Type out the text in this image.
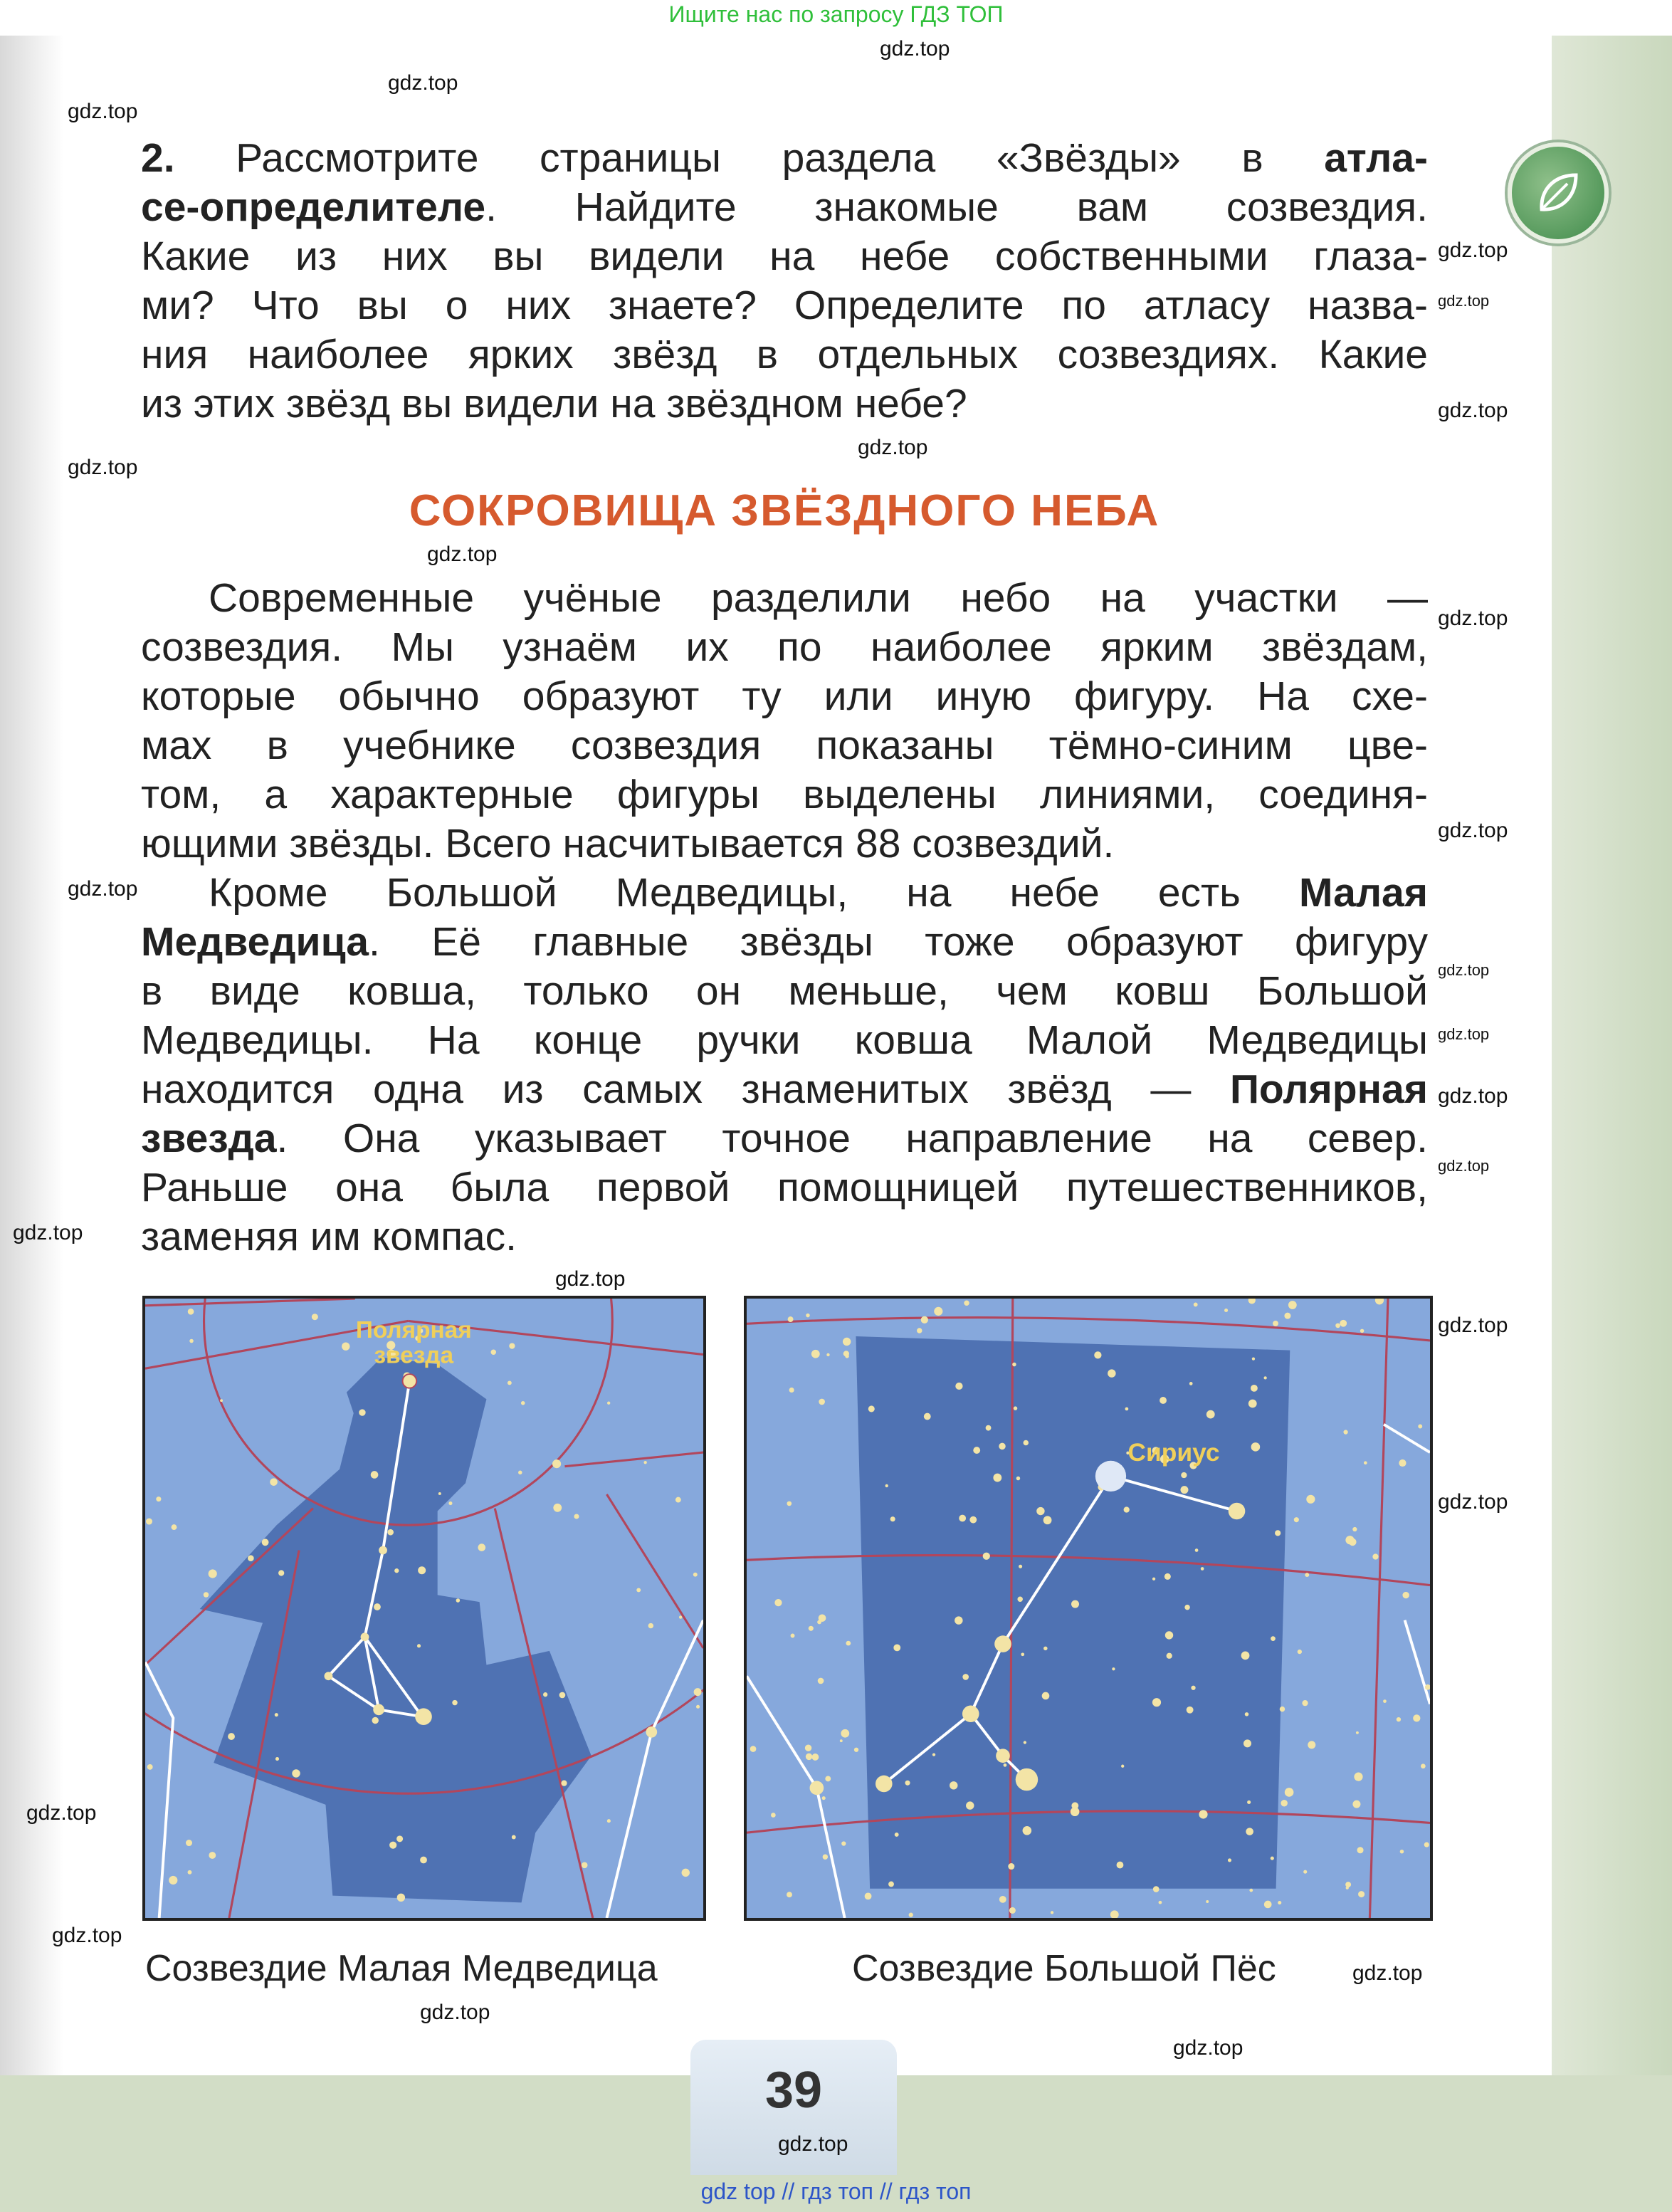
Ищите нас по запросу ГДЗ ТОП
2. Рассмотрите страницы раздела «Звёзды» в атла-
се-определителе. Найдите знакомые вам созвездия.
Какие из них вы видели на небе собственными глаза-
ми? Что вы о них знаете? Определите по атласу назва-
ния наиболее ярких звёзд в отдельных созвездиях. Какие
из этих звёзд вы видели на звёздном небе?
СОКРОВИЩА ЗВЁЗДНОГО НЕБА
Современные учёные разделили небо на участки —
созвездия. Мы узнаём их по наиболее ярким звёздам,
которые обычно образуют ту или иную фигуру. На схе-
мах в учебнике созвездия показаны тёмно-синим цве-
том, а характерные фигуры выделены линиями, соединя-
ющими звёзды. Всего насчитывается 88 созвездий.
Кроме Большой Медведицы, на небе есть Малая
Медведица. Её главные звёзды тоже образуют фигуру
в виде ковша, только он меньше, чем ковш Большой
Медведицы. На конце ручки ковша Малой Медведицы
находится одна из самых знаменитых звёзд — Полярная
звезда. Она указывает точное направление на север.
Раньше она была первой помощницей путешественников,
заменяя им компас.
Полярная
звезда
Сириус
Созвездие Малая Медведица	Созвездие Большой Пёс
39
gdz top // гдз топ // гдз топ
gdz.top
gdz.top
gdz.top
gdz.top
gdz.top
gdz.top
gdz.top
gdz.top
gdz.top
gdz.top
gdz.top
gdz.top
gdz.top
gdz.top
gdz.top
gdz.top
gdz.top
gdz.top
gdz.top
gdz.top
gdz.top
gdz.top
gdz.top
gdz.top
gdz.top
gdz.top
